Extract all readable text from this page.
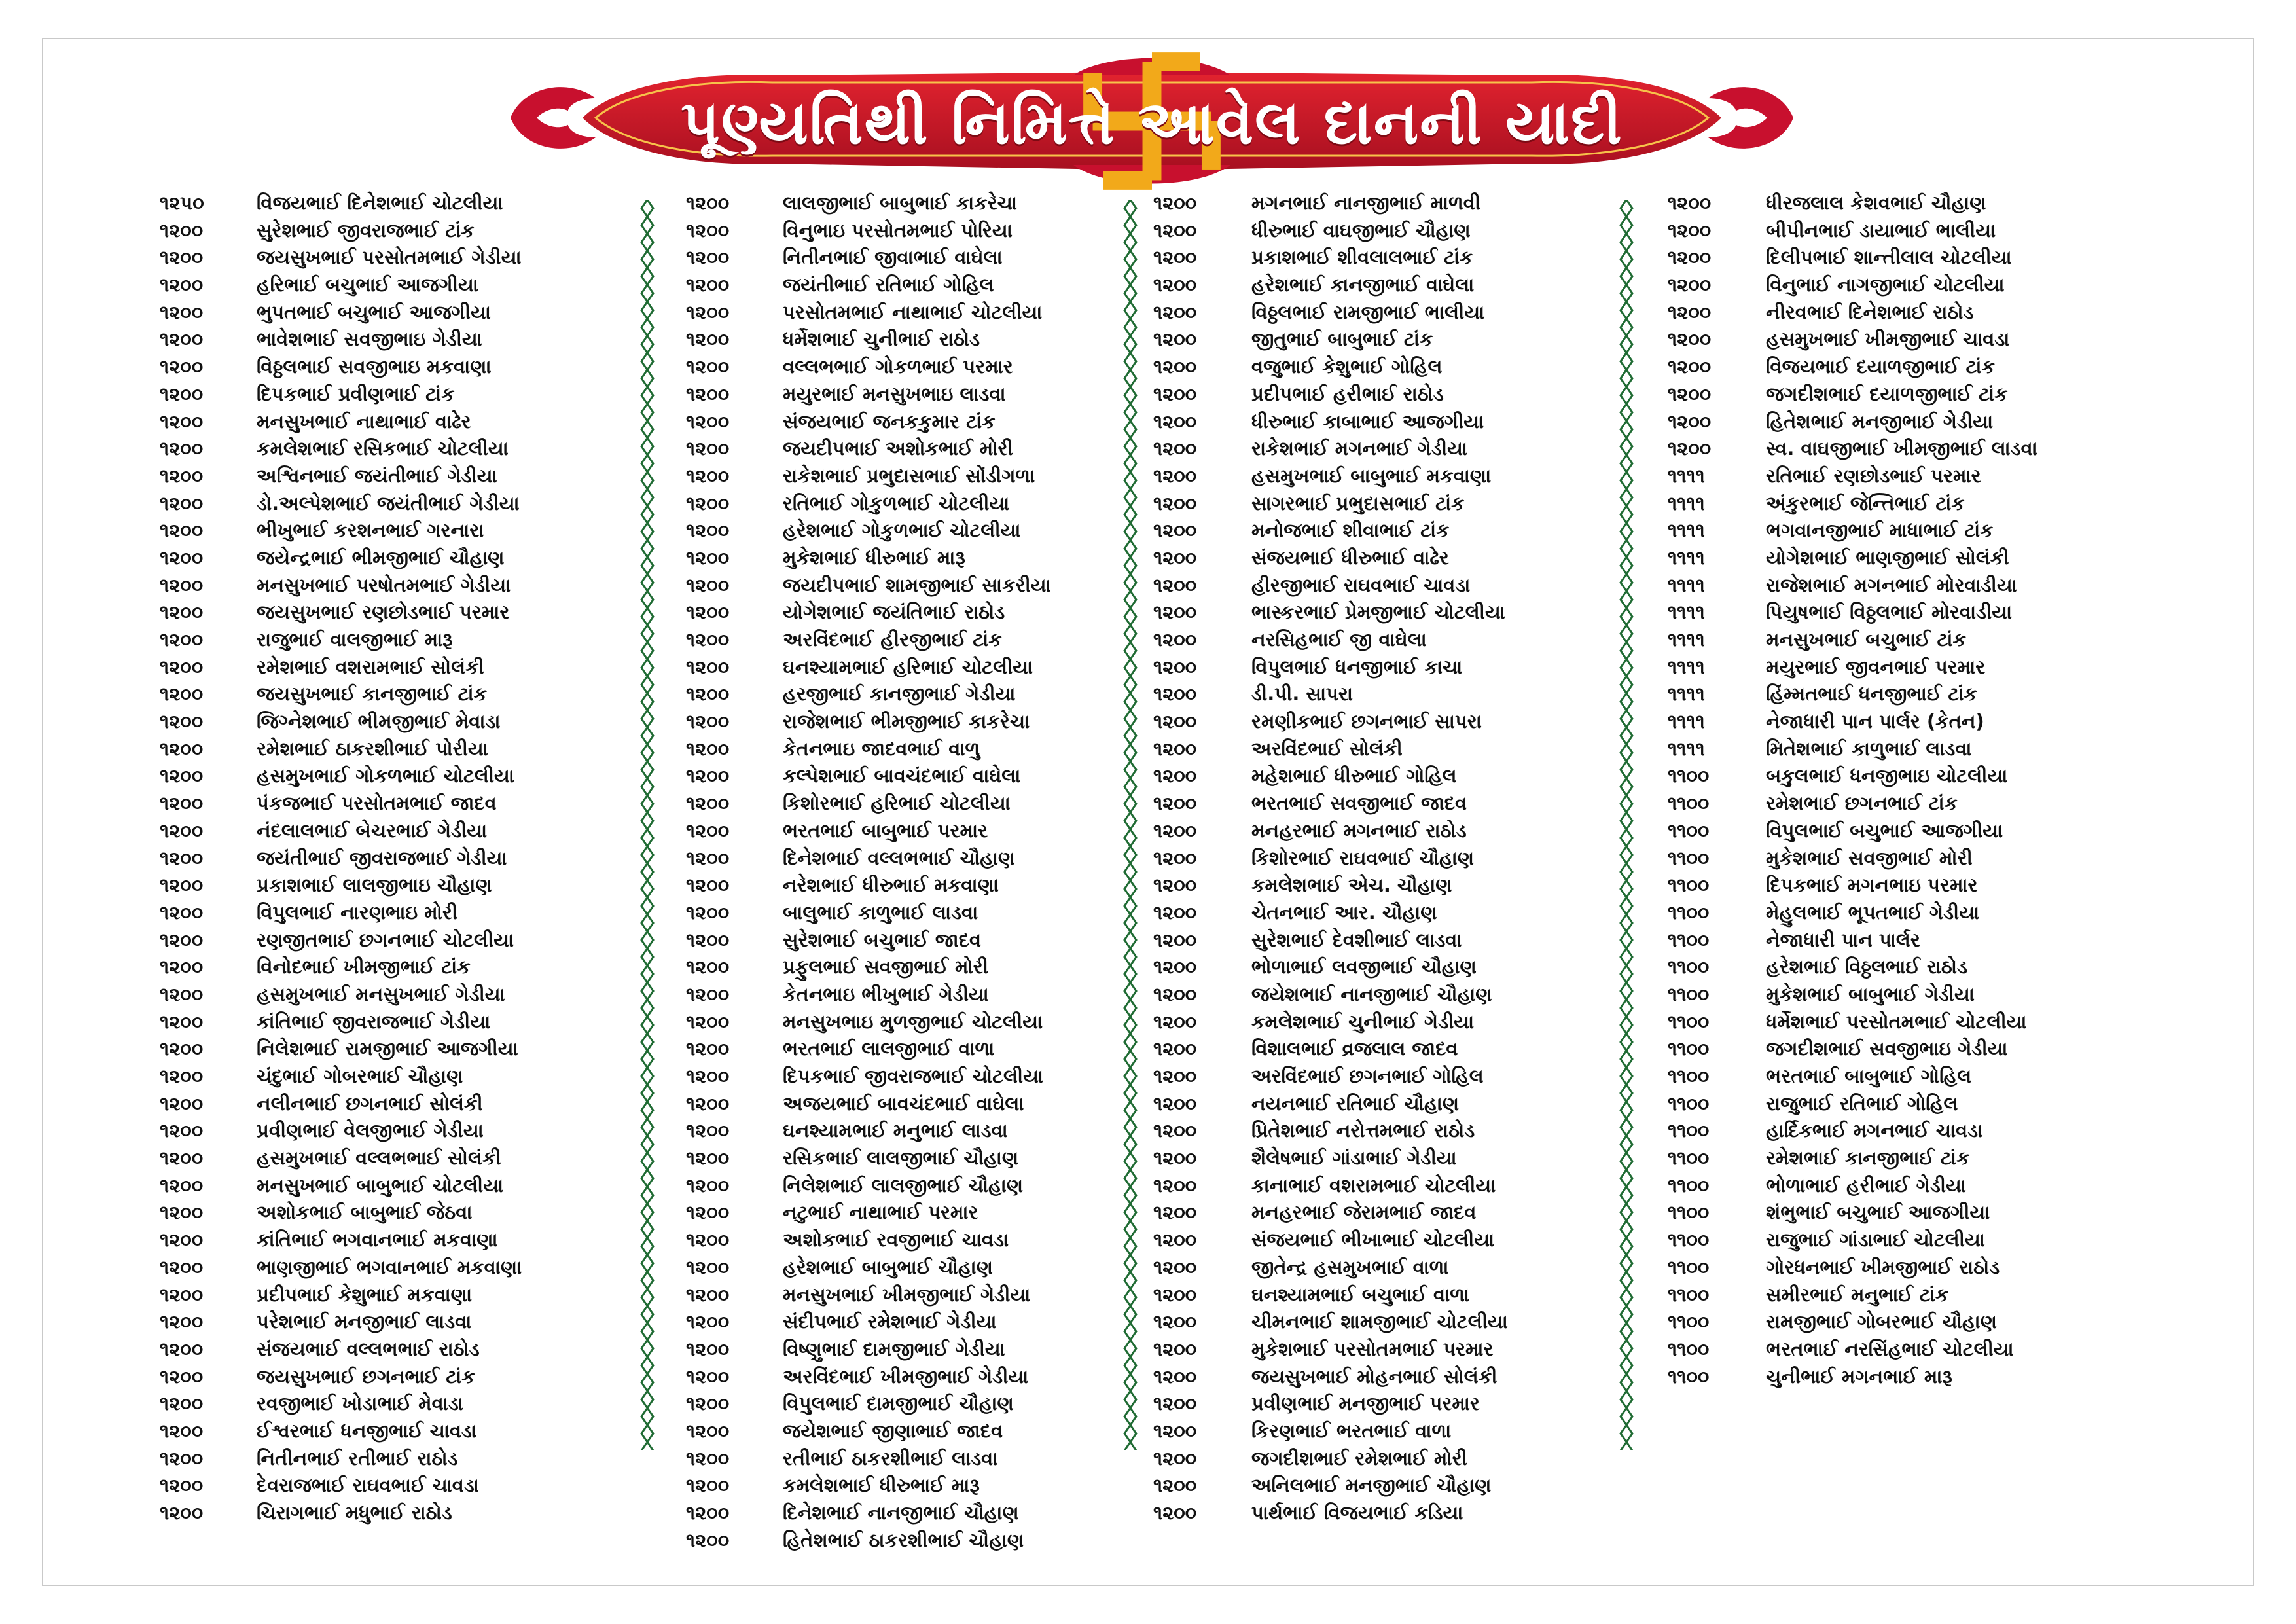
પૂણ્યતિથી નિમિત્તે આવેલ દાનની યાદી
૧૨૫૦	વિજયભાઈ દિનેશભાઈ ચોટલીયા
૧૨૦૦	સુરેશભાઈ જીવરાજભાઈ ટાંક
૧૨૦૦	જયસુખભાઈ પરસોતમભાઈ ગેડીયા
૧૨૦૦	હરિભાઈ બચુભાઈ આજગીયા
૧૨૦૦	ભુપતભાઈ બચુભાઈ આજગીયા
૧૨૦૦	ભાવેશભાઈ સવજીભાઇ ગેડીયા
૧૨૦૦	વિઠ્ઠલભાઈ સવજીભાઇ મકવાણા
૧૨૦૦	દિપકભાઈ પ્રવીણભાઈ ટાંક
૧૨૦૦	મનસુખભાઈ નાથાભાઈ વાઢેર
૧૨૦૦	કમલેશભાઈ રસિકભાઈ ચોટલીયા
૧૨૦૦	અશ્વિનભાઈ જયંતીભાઈ ગેડીયા
૧૨૦૦	ડો.અલ્પેશભાઈ જયંતીભાઈ ગેડીયા
૧૨૦૦	ભીખુભાઈ કરશનભાઈ ગરનારા
૧૨૦૦	જયેન્દ્રભાઈ ભીમજીભાઈ ચૌહાણ
૧૨૦૦	મનસુખભાઈ પરષોતમભાઈ ગેડીયા
૧૨૦૦	જયસુખભાઈ રણછોડભાઈ પરમાર
૧૨૦૦	રાજુભાઈ વાલજીભાઈ મારૂ
૧૨૦૦	રમેશભાઈ વશરામભાઈ સોલંકી
૧૨૦૦	જયસુખભાઈ કાનજીભાઈ ટાંક
૧૨૦૦	જિગ્નેશભાઈ ભીમજીભાઈ મેવાડા
૧૨૦૦	રમેશભાઈ ઠાકરશીભાઈ પોરીયા
૧૨૦૦	હસમુખભાઈ ગોકળભાઈ ચોટલીયા
૧૨૦૦	પંકજભાઈ પરસોતમભાઈ જાદવ
૧૨૦૦	નંદલાલભાઈ બેચરભાઈ ગેડીયા
૧૨૦૦	જયંતીભાઈ જીવરાજભાઈ ગેડીયા
૧૨૦૦	પ્રકાશભાઈ લાલજીભાઇ ચૌહાણ
૧૨૦૦	વિપુલભાઈ નારણભાઇ મોરી
૧૨૦૦	રણજીતભાઈ છગનભાઈ ચોટલીયા
૧૨૦૦	વિનોદભાઈ ખીમજીભાઈ ટાંક
૧૨૦૦	હસમુખભાઈ મનસુખભાઈ ગેડીયા
૧૨૦૦	કાંતિભાઈ જીવરાજભાઈ ગેડીયા
૧૨૦૦	નિલેશભાઈ રામજીભાઈ આજગીયા
૧૨૦૦	ચંદુભાઈ ગોબરભાઈ ચૌહાણ
૧૨૦૦	નલીનભાઈ છગનભાઈ સોલંકી
૧૨૦૦	પ્રવીણભાઈ વેલજીભાઈ ગેડીયા
૧૨૦૦	હસમુખભાઈ વલ્લભભાઈ સોલંકી
૧૨૦૦	મનસુખભાઈ બાબુભાઈ ચોટલીયા
૧૨૦૦	અશોકભાઈ બાબુભાઈ જેઠવા
૧૨૦૦	કાંતિભાઈ ભગવાનભાઈ મકવાણા
૧૨૦૦	ભાણજીભાઈ ભગવાનભાઈ મકવાણા
૧૨૦૦	પ્રદીપભાઈ કેશુભાઈ મકવાણા
૧૨૦૦	પરેશભાઈ મનજીભાઈ લાડવા
૧૨૦૦	સંજયભાઈ વલ્લભભાઈ રાઠોડ
૧૨૦૦	જયસુખભાઈ છગનભાઈ ટાંક
૧૨૦૦	રવજીભાઈ ખોડાભાઈ મેવાડા
૧૨૦૦	ઈશ્વરભાઈ ધનજીભાઈ ચાવડા
૧૨૦૦	નિતીનભાઈ રતીભાઈ રાઠોડ
૧૨૦૦	દેવરાજભાઈ રાઘવભાઈ ચાવડા
૧૨૦૦	ચિરાગભાઈ મધુભાઈ રાઠોડ
૧૨૦૦	લાલજીભાઈ બાબુભાઈ કાકરેચા
૧૨૦૦	વિનુભાઇ પરસોતમભાઈ પોરિયા
૧૨૦૦	નિતીનભાઈ જીવાભાઈ વાઘેલા
૧૨૦૦	જયંતીભાઈ રતિભાઈ ગોહિલ
૧૨૦૦	પરસોતમભાઈ નાથાભાઈ ચોટલીયા
૧૨૦૦	ધર્મેશભાઈ ચુનીભાઈ રાઠોડ
૧૨૦૦	વલ્લભભાઈ ગોકળભાઈ પરમાર
૧૨૦૦	મયુરભાઈ મનસુખભાઇ લાડવા
૧૨૦૦	સંજયભાઈ જનકકુમાર ટાંક
૧૨૦૦	જયદીપભાઈ અશોકભાઈ મોરી
૧૨૦૦	રાકેશભાઈ પ્રભુદાસભાઈ સોંડીગળા
૧૨૦૦	રતિભાઈ ગોકુળભાઈ ચોટલીયા
૧૨૦૦	હરેશભાઈ ગોકુળભાઈ ચોટલીયા
૧૨૦૦	મુકેશભાઈ ધીરુભાઈ મારૂ
૧૨૦૦	જયદીપભાઈ શામજીભાઈ સાકરીયા
૧૨૦૦	યોગેશભાઈ જયંતિભાઈ રાઠોડ
૧૨૦૦	અરવિંદભાઈ હીરજીભાઈ ટાંક
૧૨૦૦	ઘનશ્યામભાઈ હરિભાઈ ચોટલીયા
૧૨૦૦	હરજીભાઈ કાનજીભાઈ ગેડીયા
૧૨૦૦	રાજેશભાઈ ભીમજીભાઈ કાકરેચા
૧૨૦૦	કેતનભાઇ જાદવભાઈ વાળુ
૧૨૦૦	કલ્પેશભાઈ બાવચંદભાઈ વાઘેલા
૧૨૦૦	કિશોરભાઈ હરિભાઈ ચોટલીયા
૧૨૦૦	ભરતભાઈ બાબુભાઈ પરમાર
૧૨૦૦	દિનેશભાઈ વલ્લભભાઈ ચૌહાણ
૧૨૦૦	નરેશભાઈ ધીરુભાઈ મકવાણા
૧૨૦૦	બાલુભાઈ કાળુભાઈ લાડવા
૧૨૦૦	સુરેશભાઈ બચુભાઈ જાદવ
૧૨૦૦	પ્રફુલભાઈ સવજીભાઈ મોરી
૧૨૦૦	કેતનભાઇ ભીખુભાઈ ગેડીયા
૧૨૦૦	મનસુખભાઇ મુળજીભાઈ ચોટલીયા
૧૨૦૦	ભરતભાઈ લાલજીભાઈ વાળા
૧૨૦૦	દિપકભાઈ જીવરાજભાઈ ચોટલીયા
૧૨૦૦	અજયભાઈ બાવચંદભાઈ વાઘેલા
૧૨૦૦	ઘનશ્યામભાઈ મનુભાઈ લાડવા
૧૨૦૦	રસિકભાઈ લાલજીભાઈ ચૌહાણ
૧૨૦૦	નિલેશભાઈ લાલજીભાઈ ચૌહાણ
૧૨૦૦	નટુભાઈ નાથાભાઈ પરમાર
૧૨૦૦	અશોકભાઈ રવજીભાઈ ચાવડા
૧૨૦૦	હરેશભાઈ બાબુભાઈ ચૌહાણ
૧૨૦૦	મનસુખભાઈ ખીમજીભાઈ ગેડીયા
૧૨૦૦	સંદીપભાઈ રમેશભાઈ ગેડીયા
૧૨૦૦	વિષ્ણુભાઈ દામજીભાઈ ગેડીયા
૧૨૦૦	અરવિંદભાઈ ખીમજીભાઈ ગેડીયા
૧૨૦૦	વિપુલભાઈ દામજીભાઈ ચૌહાણ
૧૨૦૦	જયેશભાઈ જીણાભાઈ જાદવ
૧૨૦૦	રતીભાઈ ઠાકરશીભાઈ લાડવા
૧૨૦૦	કમલેશભાઈ ધીરુભાઈ મારૂ
૧૨૦૦	દિનેશભાઈ નાનજીભાઈ ચૌહાણ
૧૨૦૦	હિતેશભાઈ ઠાકરશીભાઈ ચૌહાણ
૧૨૦૦	મગનભાઈ નાનજીભાઈ માળવી
૧૨૦૦	ધીરુભાઈ વાઘજીભાઈ ચૌહાણ
૧૨૦૦	પ્રકાશભાઈ શીવલાલભાઈ ટાંક
૧૨૦૦	હરેશભાઈ કાનજીભાઈ વાઘેલા
૧૨૦૦	વિઠ્ઠલભાઈ રામજીભાઈ ભાલીયા
૧૨૦૦	જીતુભાઈ બાબુભાઈ ટાંક
૧૨૦૦	વજુભાઈ કેશુભાઈ ગોહિલ
૧૨૦૦	પ્રદીપભાઈ હરીભાઈ રાઠોડ
૧૨૦૦	ધીરુભાઈ કાબાભાઈ આજગીયા
૧૨૦૦	રાકેશભાઈ મગનભાઈ ગેડીયા
૧૨૦૦	હસમુખભાઈ બાબુભાઈ મકવાણા
૧૨૦૦	સાગરભાઈ પ્રભુદાસભાઈ ટાંક
૧૨૦૦	મનોજભાઈ શીવાભાઈ ટાંક
૧૨૦૦	સંજયભાઈ ધીરુભાઈ વાઢેર
૧૨૦૦	હીરજીભાઈ રાઘવભાઈ ચાવડા
૧૨૦૦	ભાસ્કરભાઈ પ્રેમજીભાઈ ચોટલીયા
૧૨૦૦	નરસિહભાઈ જી વાઘેલા
૧૨૦૦	વિપુલભાઈ ધનજીભાઈ કાચા
૧૨૦૦	ડી.પી. સાપરા
૧૨૦૦	રમણીકભાઈ છગનભાઈ સાપરા
૧૨૦૦	અરવિંદભાઈ સોલંકી
૧૨૦૦	મહેશભાઈ ધીરુભાઈ ગોહિલ
૧૨૦૦	ભરતભાઈ સવજીભાઈ જાદવ
૧૨૦૦	મનહરભાઈ મગનભાઈ રાઠોડ
૧૨૦૦	કિશોરભાઈ રાઘવભાઈ ચૌહાણ
૧૨૦૦	કમલેશભાઈ એચ. ચૌહાણ
૧૨૦૦	ચેતનભાઈ આર. ચૌહાણ
૧૨૦૦	સુરેશભાઈ દેવશીભાઈ લાડવા
૧૨૦૦	ભોળાભાઈ લવજીભાઈ ચૌહાણ
૧૨૦૦	જયેશભાઈ નાનજીભાઈ ચૌહાણ
૧૨૦૦	કમલેશભાઈ ચુનીભાઈ ગેડીયા
૧૨૦૦	વિશાલભાઈ વ્રજલાલ જાદવ
૧૨૦૦	અરવિંદભાઈ છગનભાઈ ગોહિલ
૧૨૦૦	નયનભાઈ રતિભાઈ ચૌહાણ
૧૨૦૦	પ્રિતેશભાઈ નરોત્તમભાઈ રાઠોડ
૧૨૦૦	શૈલેષભાઈ ગાંડાભાઈ ગેડીયા
૧૨૦૦	કાનાભાઈ વશરામભાઈ ચોટલીયા
૧૨૦૦	મનહરભાઈ જેરામભાઈ જાદવ
૧૨૦૦	સંજયભાઈ ભીખાભાઈ ચોટલીયા
૧૨૦૦	જીતેન્દ્ર હસમુખભાઈ વાળા
૧૨૦૦	ઘનશ્યામભાઈ બચુભાઈ વાળા
૧૨૦૦	ચીમનભાઈ શામજીભાઈ ચોટલીયા
૧૨૦૦	મુકેશભાઈ પરસોતમભાઈ પરમાર
૧૨૦૦	જયસુખભાઈ મોહનભાઈ સોલંકી
૧૨૦૦	પ્રવીણભાઈ મનજીભાઈ પરમાર
૧૨૦૦	કિરણભાઈ ભરતભાઈ વાળા
૧૨૦૦	જગદીશભાઈ રમેશભાઈ મોરી
૧૨૦૦	અનિલભાઈ મનજીભાઈ ચૌહાણ
૧૨૦૦	પાર્થભાઈ વિજયભાઈ કડિયા
૧૨૦૦	ધીરજલાલ કેશવભાઈ ચૌહાણ
૧૨૦૦	બીપીનભાઈ ડાયાભાઈ ભાલીયા
૧૨૦૦	દિલીપભાઈ શાન્તીલાલ ચોટલીયા
૧૨૦૦	વિનુભાઈ નાગજીભાઈ ચોટલીયા
૧૨૦૦	નીરવભાઈ દિનેશભાઈ રાઠોડ
૧૨૦૦	હસમુખભાઈ ખીમજીભાઈ ચાવડા
૧૨૦૦	વિજયભાઈ દયાળજીભાઈ ટાંક
૧૨૦૦	જગદીશભાઈ દયાળજીભાઈ ટાંક
૧૨૦૦	હિતેશભાઈ મનજીભાઈ ગેડીયા
૧૨૦૦	સ્વ. વાઘજીભાઈ ખીમજીભાઈ લાડવા
૧૧૧૧	રતિભાઈ રણછોડભાઈ પરમાર
૧૧૧૧	અંકુરભાઈ જેન્તિભાઈ ટાંક
૧૧૧૧	ભગવાનજીભાઈ માધાભાઈ ટાંક
૧૧૧૧	યોગેશભાઈ ભાણજીભાઈ સોલંકી
૧૧૧૧	રાજેશભાઈ મગનભાઈ મોરવાડીયા
૧૧૧૧	પિયુષભાઈ વિઠ્ઠલભાઈ મોરવાડીયા
૧૧૧૧	મનસુખભાઈ બચુભાઈ ટાંક
૧૧૧૧	મયુરભાઈ જીવનભાઈ પરમાર
૧૧૧૧	હિંમ્મતભાઈ ધનજીભાઈ ટાંક
૧૧૧૧	નેજાધારી પાન પાર્લર (કેતન)
૧૧૧૧	મિતેશભાઈ કાળુભાઈ લાડવા
૧૧૦૦	બકુલભાઈ ધનજીભાઇ ચોટલીયા
૧૧૦૦	રમેશભાઈ છગનભાઈ ટાંક
૧૧૦૦	વિપુલભાઈ બચુભાઈ આજગીયા
૧૧૦૦	મુકેશભાઈ સવજીભાઈ મોરી
૧૧૦૦	દિપકભાઈ મગનભાઇ પરમાર
૧૧૦૦	મેહુલભાઈ ભૂપતભાઈ ગેડીયા
૧૧૦૦	નેજાધારી પાન પાર્લર
૧૧૦૦	હરેશભાઈ વિઠ્ઠલભાઈ રાઠોડ
૧૧૦૦	મુકેશભાઈ બાબુભાઈ ગેડીયા
૧૧૦૦	ધર્મેશભાઈ પરસોતમભાઈ ચોટલીયા
૧૧૦૦	જગદીશભાઈ સવજીભાઇ ગેડીયા
૧૧૦૦	ભરતભાઈ બાબુભાઈ ગોહિલ
૧૧૦૦	રાજુભાઈ રતિભાઈ ગોહિલ
૧૧૦૦	હાર્દિકભાઈ મગનભાઈ ચાવડા
૧૧૦૦	રમેશભાઈ કાનજીભાઈ ટાંક
૧૧૦૦	ભોળાભાઈ હરીભાઈ ગેડીયા
૧૧૦૦	શંભુભાઈ બચુભાઈ આજગીયા
૧૧૦૦	રાજુભાઈ ગાંડાભાઈ ચોટલીયા
૧૧૦૦	ગોરધનભાઈ ખીમજીભાઈ રાઠોડ
૧૧૦૦	સમીરભાઈ મનુભાઈ ટાંક
૧૧૦૦	રામજીભાઈ ગોબરભાઈ ચૌહાણ
૧૧૦૦	ભરતભાઈ નરસિંહભાઈ ચોટલીયા
૧૧૦૦	ચુનીભાઈ મગનભાઈ મારૂ
